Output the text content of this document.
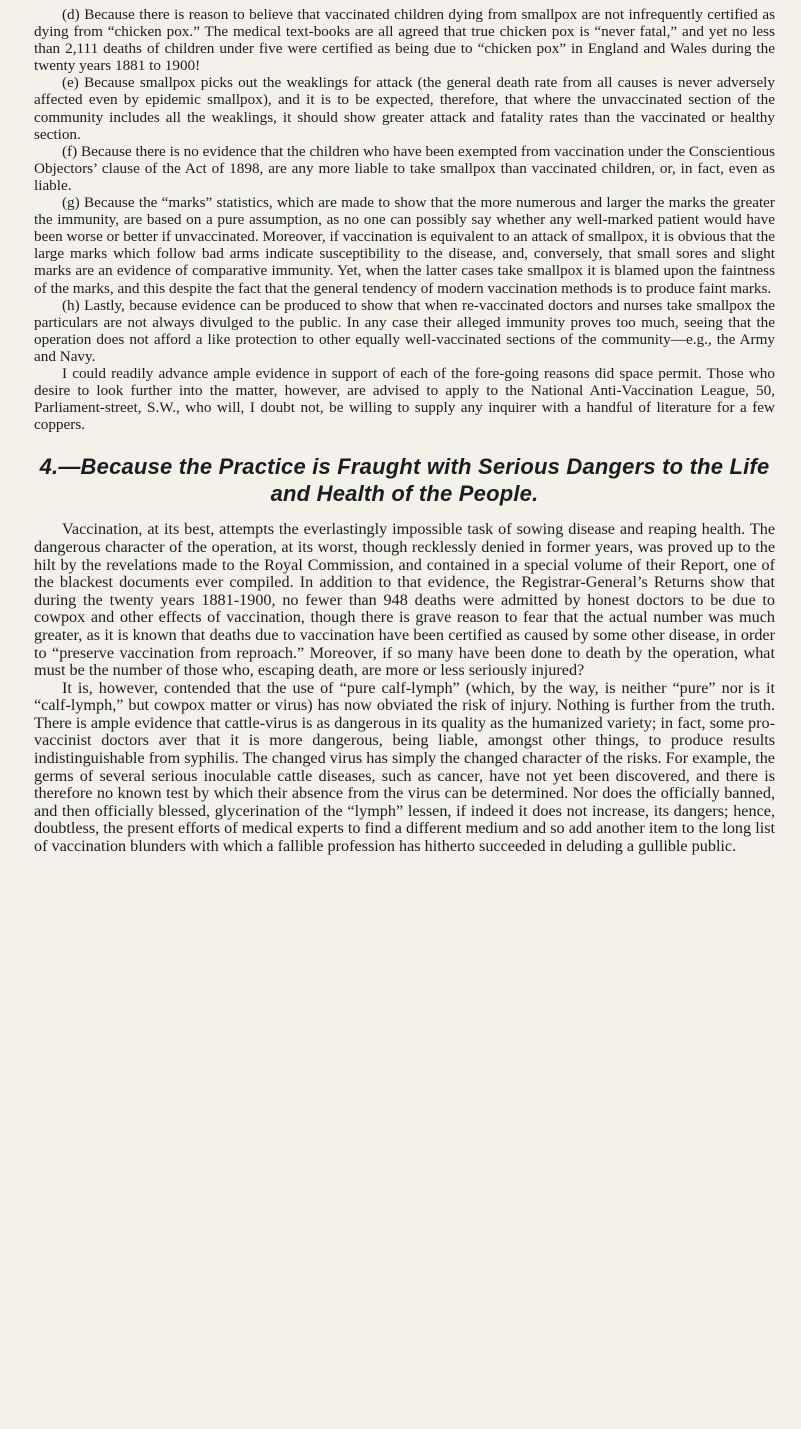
(d) Because there is reason to believe that vaccinated children dying from smallpox are not infrequently certified as dying from “chicken pox.” The medical text-books are all agreed that true chicken pox is “never fatal,” and yet no less than 2,111 deaths of children under five were certified as being due to “chicken pox” in England and Wales during the twenty years 1881 to 1900!

(e) Because smallpox picks out the weaklings for attack (the general death rate from all causes is never adversely affected even by epidemic smallpox), and it is to be expected, therefore, that where the unvaccinated section of the community includes all the weaklings, it should show greater attack and fatality rates than the vaccinated or healthy section.

(f) Because there is no evidence that the children who have been exempted from vaccination under the Conscientious Objectors’ clause of the Act of 1898, are any more liable to take smallpox than vaccinated children, or, in fact, even as liable.

(g) Because the “marks” statistics, which are made to show that the more numerous and larger the marks the greater the immunity, are based on a pure assumption, as no one can possibly say whether any well-marked patient would have been worse or better if unvaccinated. Moreover, if vaccination is equivalent to an attack of smallpox, it is obvious that the large marks which follow bad arms indicate susceptibility to the disease, and, conversely, that small sores and slight marks are an evidence of comparative immunity. Yet, when the latter cases take smallpox it is blamed upon the faintness of the marks, and this despite the fact that the general tendency of modern vaccination methods is to produce faint marks.

(h) Lastly, because evidence can be produced to show that when re-vaccinated doctors and nurses take smallpox the particulars are not always divulged to the public. In any case their alleged immunity proves too much, seeing that the operation does not afford a like protection to other equally well-vaccinated sections of the community—e.g., the Army and Navy.

I could readily advance ample evidence in support of each of the fore-going reasons did space permit. Those who desire to look further into the matter, however, are advised to apply to the National Anti-Vaccination League, 50, Parliament-street, S.W., who will, I doubt not, be willing to supply any inquirer with a handful of literature for a few coppers.

4.—Because the Practice is Fraught with Serious Dangers to the Life and Health of the People.

Vaccination, at its best, attempts the everlastingly impossible task of sowing disease and reaping health. The dangerous character of the operation, at its worst, though recklessly denied in former years, was proved up to the hilt by the revelations made to the Royal Commission, and contained in a special volume of their Report, one of the blackest documents ever compiled. In addition to that evidence, the Registrar-General’s Returns show that during the twenty years 1881-1900, no fewer than 948 deaths were admitted by honest doctors to be due to cowpox and other effects of vaccination, though there is grave reason to fear that the actual number was much greater, as it is known that deaths due to vaccination have been certified as caused by some other disease, in order to “preserve vaccination from reproach.” Moreover, if so many have been done to death by the operation, what must be the number of those who, escaping death, are more or less seriously injured?

It is, however, contended that the use of “pure calf-lymph” (which, by the way, is neither “pure” nor is it “calf-lymph,” but cowpox matter or virus) has now obviated the risk of injury. Nothing is further from the truth. There is ample evidence that cattle-virus is as dangerous in its quality as the humanized variety; in fact, some pro-vaccinist doctors aver that it is more dangerous, being liable, amongst other things, to produce results indistinguishable from syphilis. The changed virus has simply the changed character of the risks. For example, the germs of several serious inoculable cattle diseases, such as cancer, have not yet been discovered, and there is therefore no known test by which their absence from the virus can be determined. Nor does the officially banned, and then officially blessed, glycerination of the “lymph” lessen, if indeed it does not increase, its dangers; hence, doubtless, the present efforts of medical experts to find a different medium and so add another item to the long list of vaccination blunders with which a fallible profession has hitherto succeeded in deluding a gullible public.
